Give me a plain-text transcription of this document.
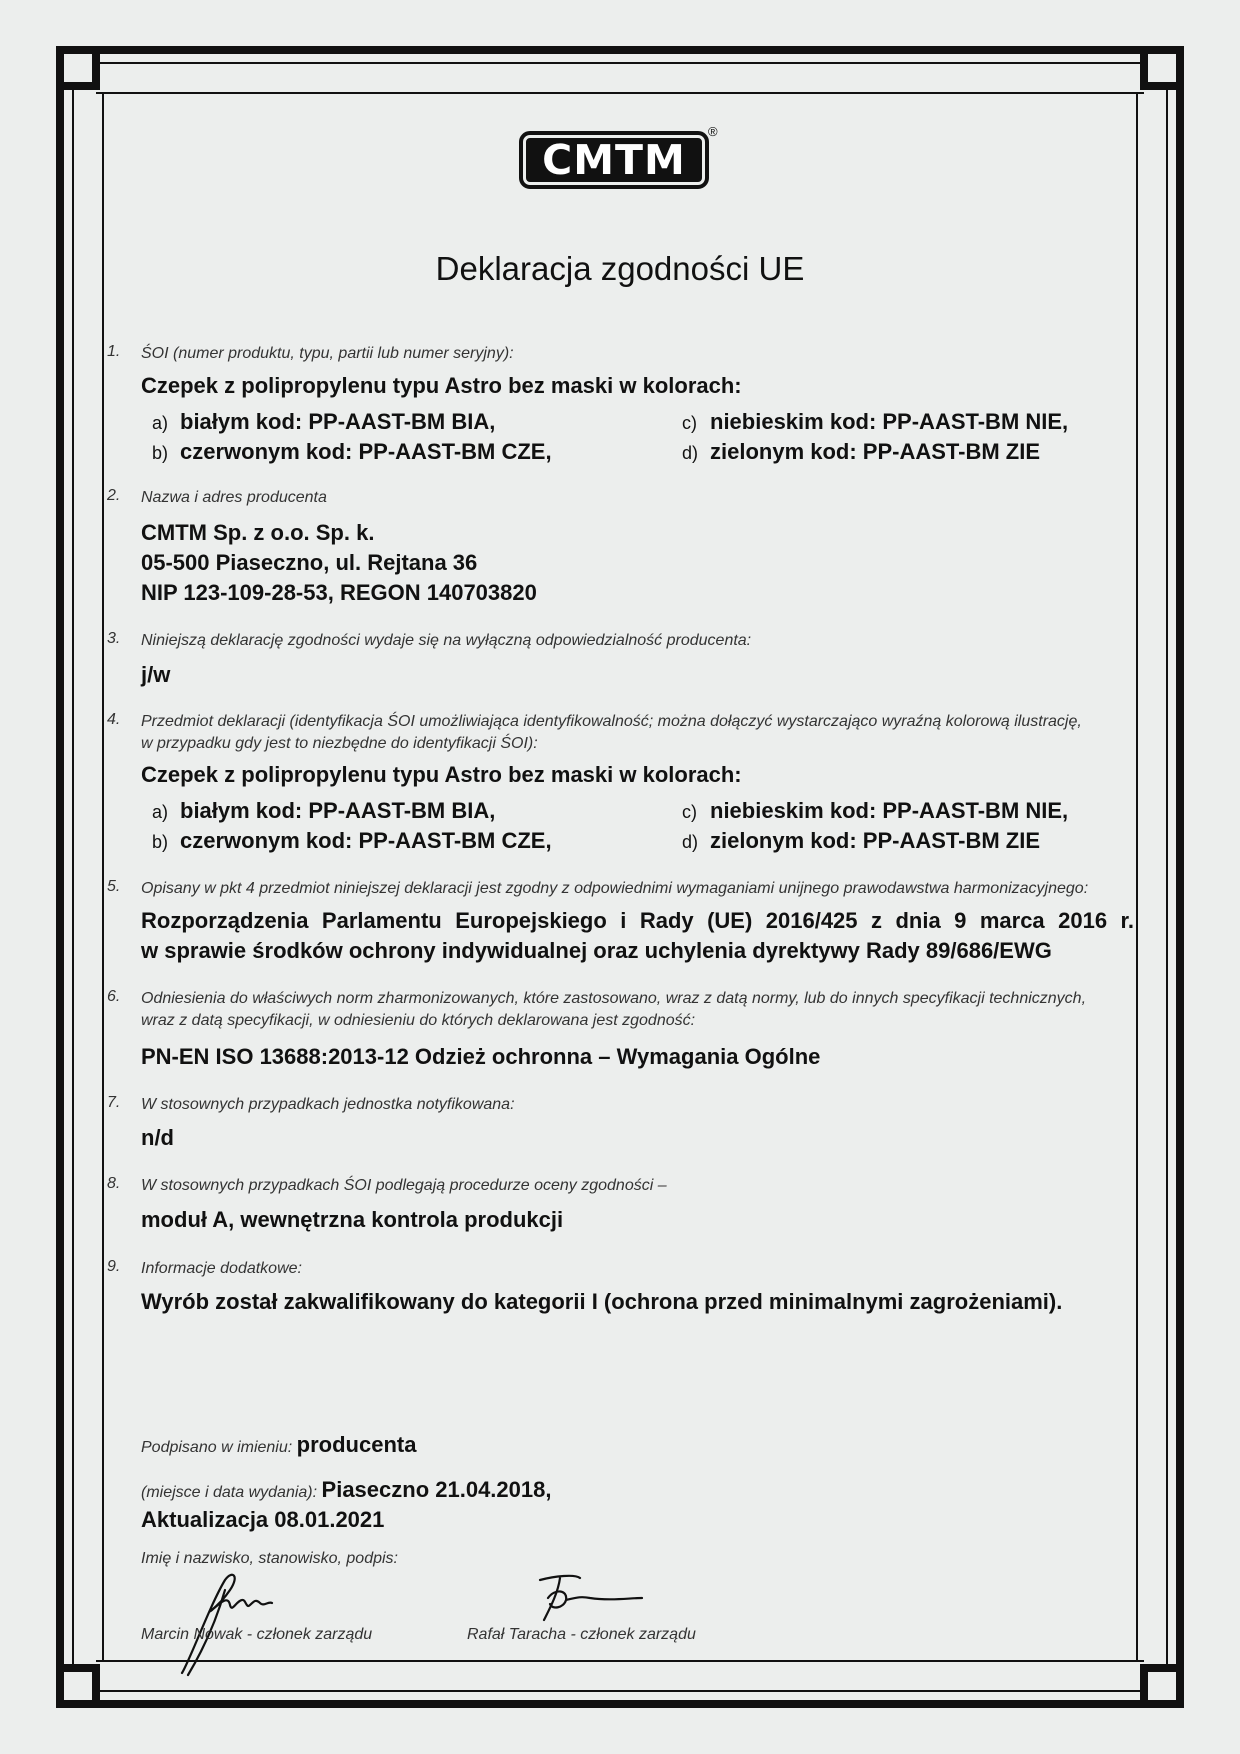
CMTM
®
Deklaracja zgodności UE
1. ŚOI (numer produktu, typu, partii lub numer seryjny):
Czepek z polipropylenu typu Astro bez maski w kolorach:
a) białym kod: PP-AAST-BM BIA,
b) czerwonym kod: PP-AAST-BM CZE,
c) niebieskim kod: PP-AAST-BM NIE,
d) zielonym kod: PP-AAST-BM ZIE
2. Nazwa i adres producenta
CMTM Sp. z o.o. Sp. k.
05-500 Piaseczno, ul. Rejtana 36
NIP 123-109-28-53, REGON 140703820
3. Niniejszą deklarację zgodności wydaje się na wyłączną odpowiedzialność producenta:
j/w
4. Przedmiot deklaracji (identyfikacja ŚOI umożliwiająca identyfikowalność; można dołączyć wystarczająco wyraźną kolorową ilustrację,
w przypadku gdy jest to niezbędne do identyfikacji ŚOI):
Czepek z polipropylenu typu Astro bez maski w kolorach:
a) białym kod: PP-AAST-BM BIA,
b) czerwonym kod: PP-AAST-BM CZE,
c) niebieskim kod: PP-AAST-BM NIE,
d) zielonym kod: PP-AAST-BM ZIE
5. Opisany w pkt 4 przedmiot niniejszej deklaracji jest zgodny z odpowiednimi wymaganiami unijnego prawodawstwa harmonizacyjnego:
Rozporządzenia Parlamentu Europejskiego i Rady (UE) 2016/425 z dnia 9 marca 2016 r.
w sprawie środków ochrony indywidualnej oraz uchylenia dyrektywy Rady 89/686/EWG
6. Odniesienia do właściwych norm zharmonizowanych, które zastosowano, wraz z datą normy, lub do innych specyfikacji technicznych,
wraz z datą specyfikacji, w odniesieniu do których deklarowana jest zgodność:
PN-EN ISO 13688:2013-12 Odzież ochronna – Wymagania Ogólne
7. W stosownych przypadkach jednostka notyfikowana:
n/d
8. W stosownych przypadkach ŚOI podlegają procedurze oceny zgodności –
moduł A, wewnętrzna kontrola produkcji
9. Informacje dodatkowe:
Wyrób został zakwalifikowany do kategorii I (ochrona przed minimalnymi zagrożeniami).
Podpisano w imieniu: producenta
(miejsce i data wydania): Piaseczno 21.04.2018,
Aktualizacja 08.01.2021
Imię i nazwisko, stanowisko, podpis:
Marcin Nowak - członek zarządu	Rafał Taracha - członek zarządu
